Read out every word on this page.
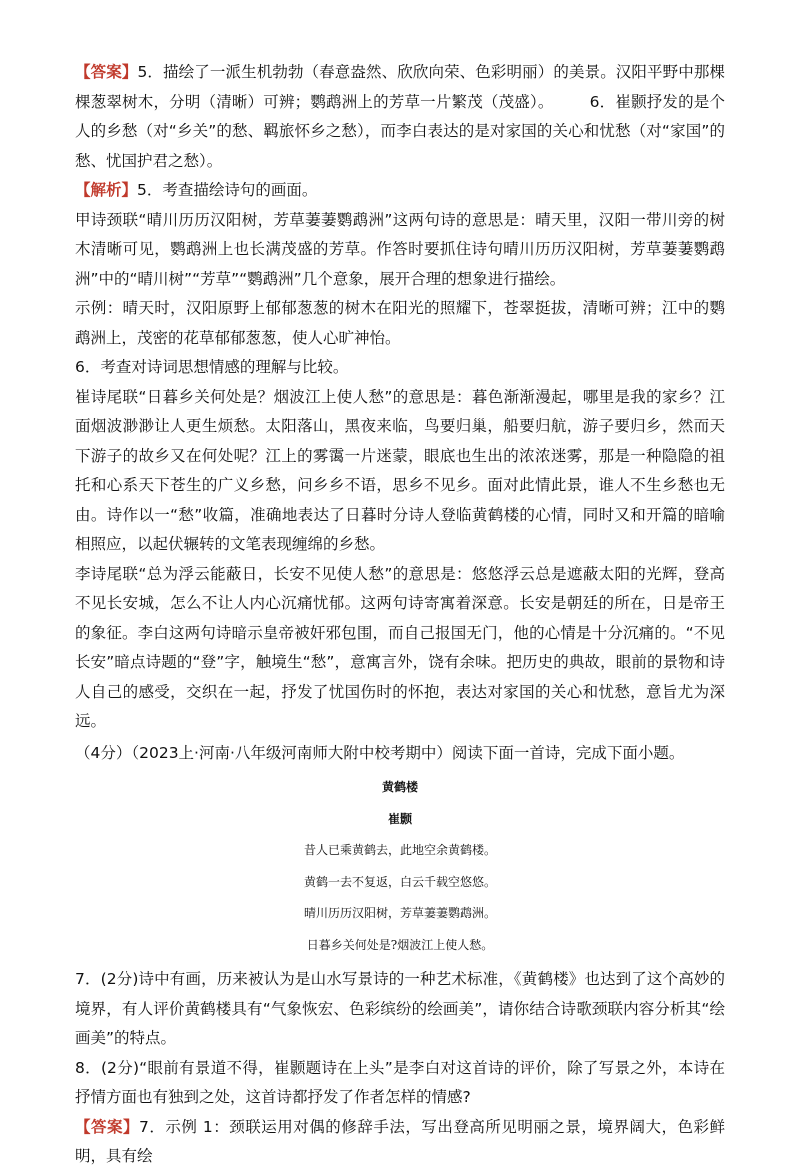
【答案】5．描绘了一派生机勃勃（春意盎然、欣欣向荣、色彩明丽）的美景。汉阳平野中那棵棵葱翠树木，分明（清晰）可辨；鹦鹉洲上的芳草一片繁茂（茂盛）。 6．崔颢抒发的是个人的乡愁（对“乡关”的愁、羁旅怀乡之愁），而李白表达的是对家国的关心和忧愁（对“家国”的愁、忧国护君之愁）。

【解析】5．考查描绘诗句的画面。

甲诗颈联“晴川历历汉阳树，芳草萋萋鹦鹉洲”这两句诗的意思是：晴天里，汉阳一带川旁的树木清晰可见，鹦鹉洲上也长满茂盛的芳草。作答时要抓住诗句晴川历历汉阳树，芳草萋萋鹦鹉洲”中的“晴川树”“芳草”“鹦鹉洲”几个意象，展开合理的想象进行描绘。

示例：晴天时，汉阳原野上郁郁葱葱的树木在阳光的照耀下，苍翠挺拔，清晰可辨；江中的鹦鹉洲上，茂密的花草郁郁葱葱，使人心旷神怡。

6．考查对诗词思想情感的理解与比较。

崔诗尾联“日暮乡关何处是？烟波江上使人愁”的意思是：暮色渐渐漫起，哪里是我的家乡？江面烟波渺渺让人更生烦愁。太阳落山，黑夜来临，鸟要归巢，船要归航，游子要归乡，然而天下游子的故乡又在何处呢？江上的雾霭一片迷蒙，眼底也生出的浓浓迷雾，那是一种隐隐的祖托和心系天下苍生的广义乡愁，问乡乡不语，思乡不见乡。面对此情此景，谁人不生乡愁也无由。诗作以一“愁”收篇，准确地表达了日暮时分诗人登临黄鹤楼的心情，同时又和开篇的暗喻相照应，以起伏辗转的文笔表现缠绵的乡愁。

李诗尾联“总为浮云能蔽日，长安不见使人愁”的意思是：悠悠浮云总是遮蔽太阳的光辉，登高不见长安城，怎么不让人内心沉痛忧郁。这两句诗寄寓着深意。长安是朝廷的所在，日是帝王的象征。李白这两句诗暗示皇帝被奸邪包围，而自己报国无门，他的心情是十分沉痛的。“不见长安”暗点诗题的“登”字，触境生“愁”，意寓言外，饶有余味。把历史的典故，眼前的景物和诗人自己的感受，交织在一起，抒发了忧国伤时的怀抱，表达对家国的关心和忧愁，意旨尤为深远。

（4分）（2023上·河南·八年级河南师大附中校考期中）阅读下面一首诗，完成下面小题。

黄鹤楼
崔颢
昔人已乘黄鹤去，此地空余黄鹤楼。
黄鹤一去不复返，白云千载空悠悠。
晴川历历汉阳树，芳草萋萋鹦鹉洲。
日暮乡关何处是?烟波江上使人愁。

7．(2分)诗中有画，历来被认为是山水写景诗的一种艺术标准，《黄鹤楼》也达到了这个高妙的境界，有人评价黄鹤楼具有“气象恢宏、色彩缤纷的绘画美”，请你结合诗歌颈联内容分析其“绘画美”的特点。

8．(2分)“眼前有景道不得，崔颢题诗在上头”是李白对这首诗的评价，除了写景之外，本诗在抒情方面也有独到之处，这首诗都抒发了作者怎样的情感?

【答案】7．示例 1：颈联运用对偶的修辞手法，写出登高所见明丽之景，境界阔大，色彩鲜明，具有绘
